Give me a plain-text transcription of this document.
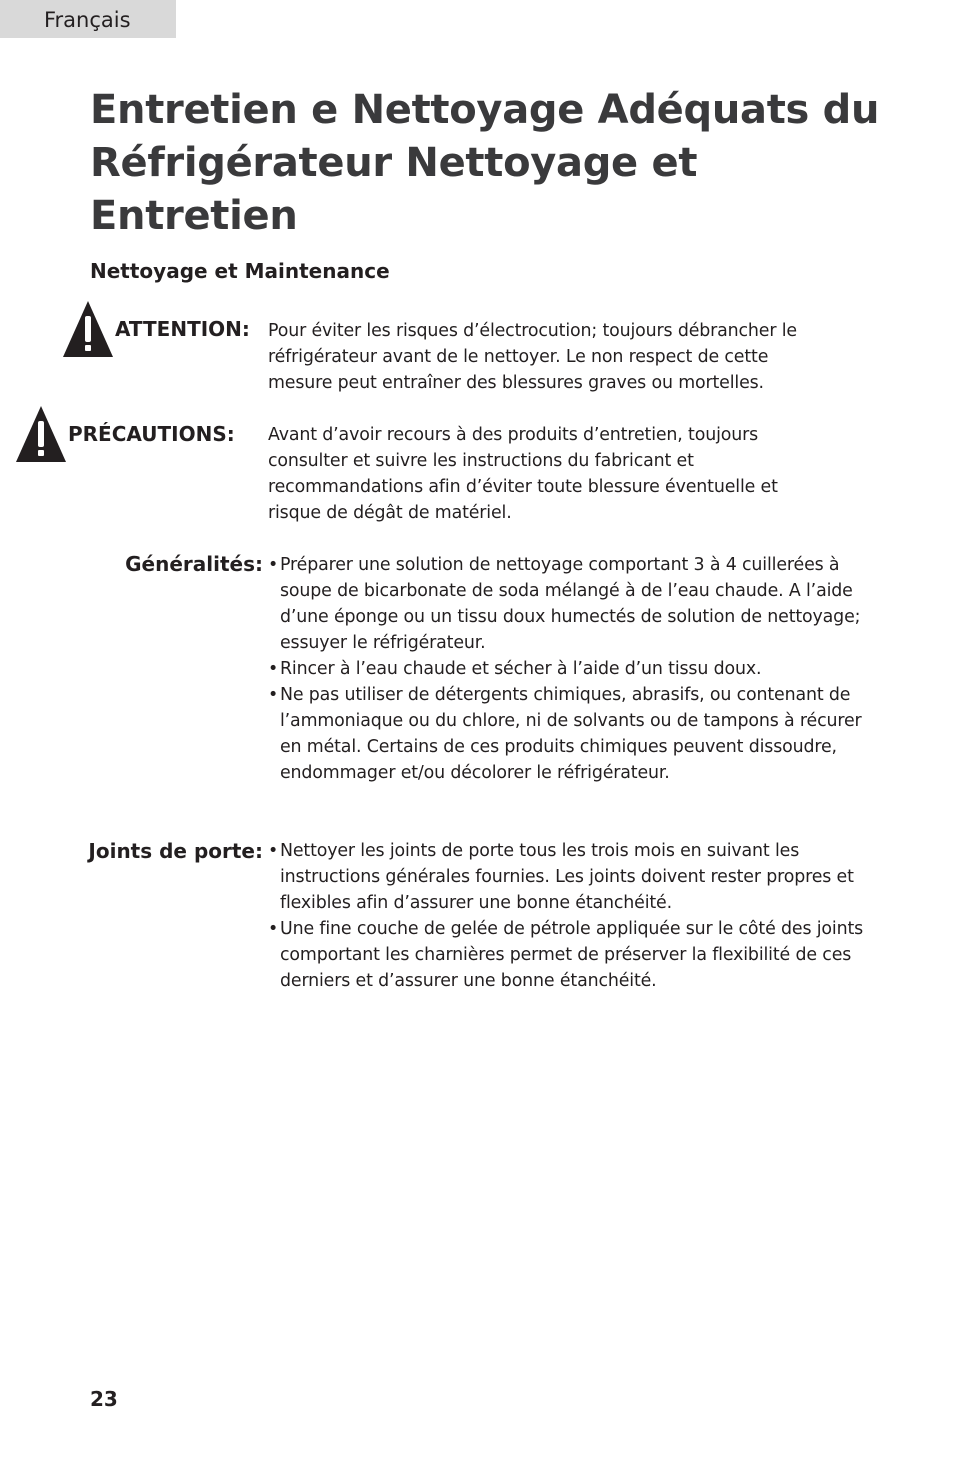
Français
Entretien e Nettoyage Adéquats du Réfrigérateur Nettoyage et Entretien
Nettoyage et Maintenance
ATTENTION: Pour éviter les risques d’électrocution; toujours débrancher le réfrigérateur avant de le nettoyer. Le non respect de cette mesure peut entraîner des blessures graves ou mortelles.

PRÉCAUTIONS: Avant d’avoir recours à des produits d’entretien, toujours consulter et suivre les instructions du fabricant et recommandations afin d’éviter toute blessure éventuelle et risque de dégât de matériel.

Généralités: • Préparer une solution de nettoyage comportant 3 à 4 cuillerées à soupe de bicarbonate de soda mélangé à de l’eau chaude. A l’aide d’une éponge ou un tissu doux humectés de solution de nettoyage; essuyer le réfrigérateur.
• Rincer à l’eau chaude et sécher à l’aide d’un tissu doux.
• Ne pas utiliser de détergents chimiques, abrasifs, ou contenant de l’ammoniaque ou du chlore, ni de solvants ou de tampons à récurer en métal. Certains de ces produits chimiques peuvent dissoudre, endommager et/ou décolorer le réfrigérateur.
Joints de porte: • Nettoyer les joints de porte tous les trois mois en suivant les instructions générales fournies. Les joints doivent rester propres et flexibles afin d’assurer une bonne étanchéité.
• Une fine couche de gelée de pétrole appliquée sur le côté des joints comportant les charnières permet de préserver la flexibilité de ces derniers et d’assurer une bonne étanchéité.
23
